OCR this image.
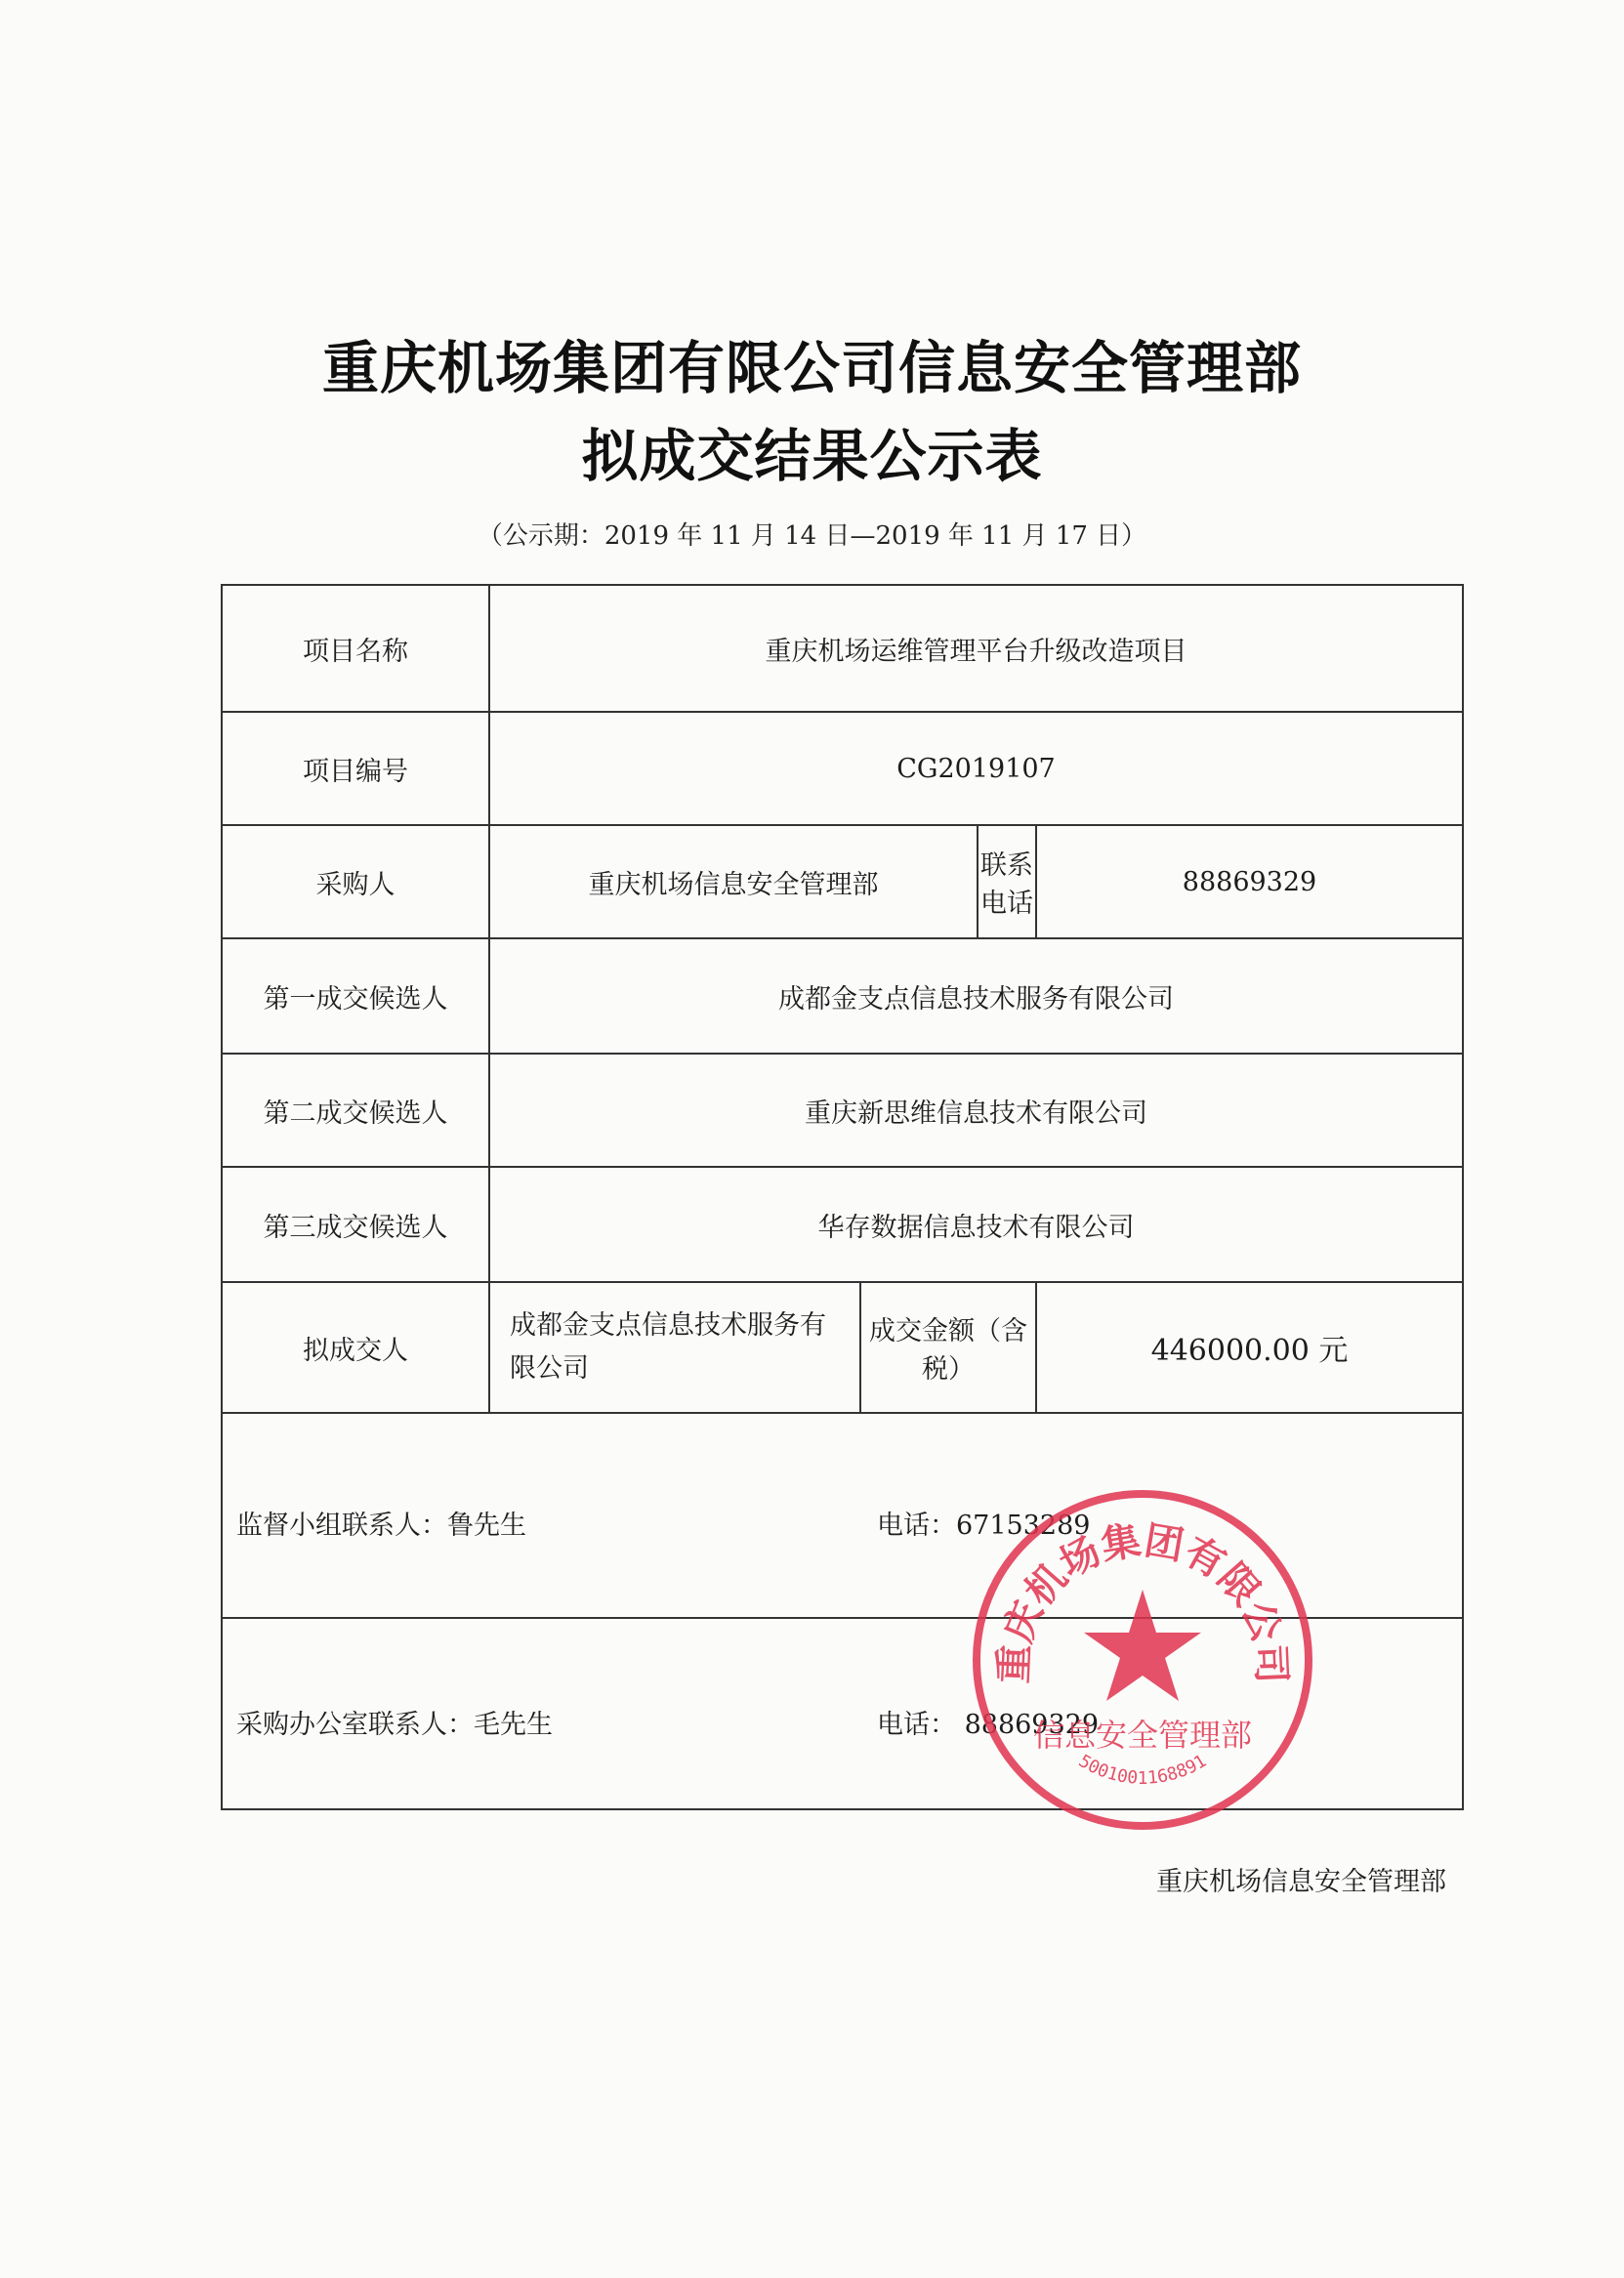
重庆机场集团有限公司信息安全管理部
拟成交结果公示表
（公示期：2019 年 11 月 14 日—2019 年 11 月 17 日）
项目名称	重庆机场运维管理平台升级改造项目			
项目编号	CG2019107			
采购人	重庆机场信息安全管理部		联系电话	88869329
第一成交候选人	成都金支点信息技术服务有限公司			
第二成交候选人	重庆新思维信息技术有限公司			
第三成交候选人	华存数据信息技术有限公司			
拟成交人	成都金支点信息技术服务有限公司	成交金额（含税）		446000.00 元

监督小组联系人：鲁先生 电话：67153289				

采购办公室联系人：毛先生 电话： 88869329				
重庆机场信息安全管理部
重庆机场集团有限公司
信息安全管理部
5001001168891
